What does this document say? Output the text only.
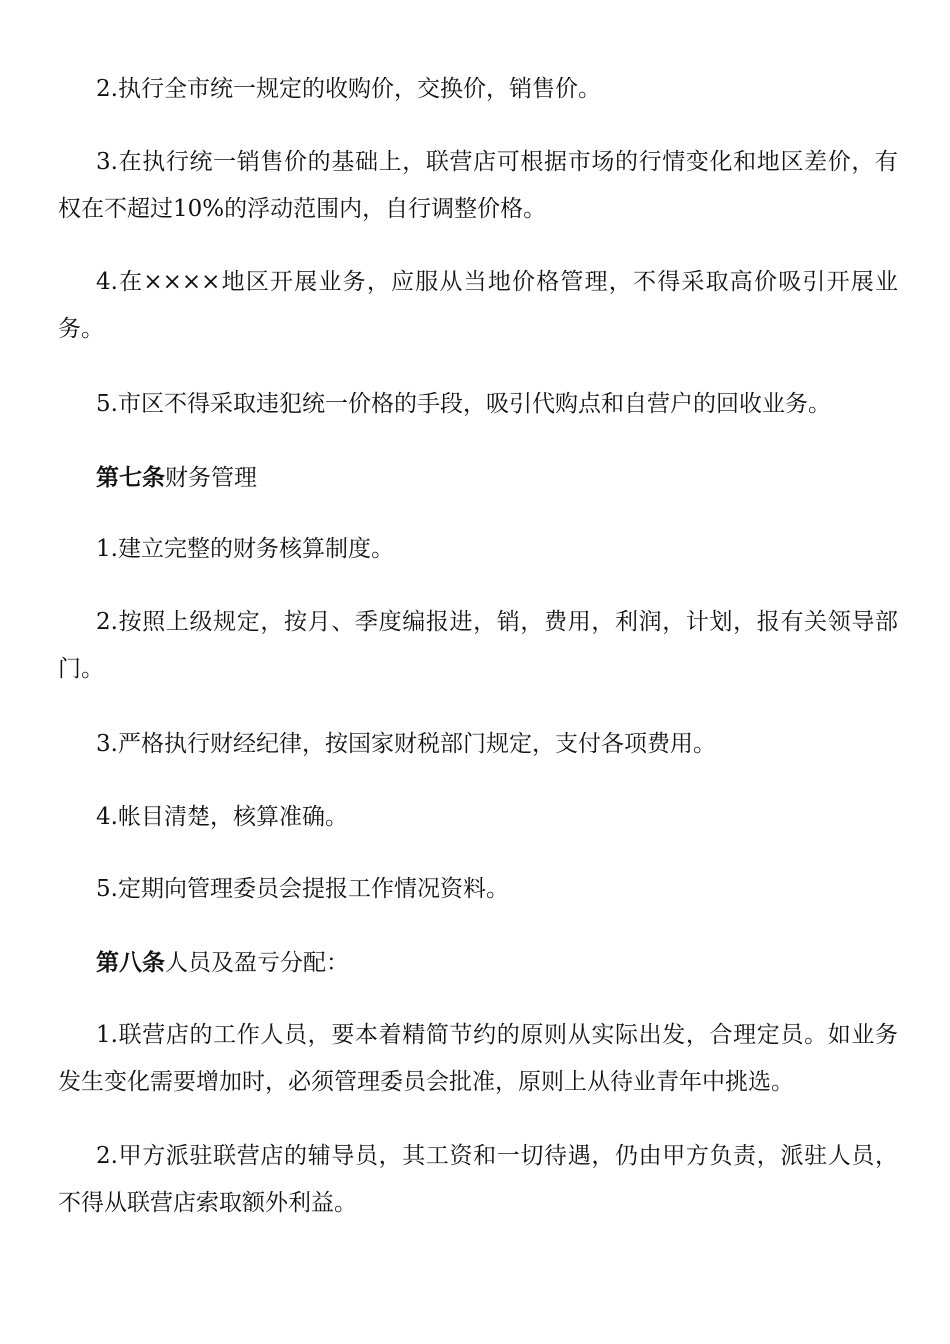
2.执行全市统一规定的收购价，交换价，销售价。

3.在执行统一销售价的基础上，联营店可根据市场的行情变化和地区差价，有权在不超过10%的浮动范围内，自行调整价格。

4.在××××地区开展业务，应服从当地价格管理，不得采取高价吸引开展业务。

5.市区不得采取违犯统一价格的手段，吸引代购点和自营户的回收业务。

第七条财务管理

1.建立完整的财务核算制度。

2.按照上级规定，按月、季度编报进，销，费用，利润，计划，报有关领导部门。

3.严格执行财经纪律，按国家财税部门规定，支付各项费用。

4.帐目清楚，核算准确。

5.定期向管理委员会提报工作情况资料。

第八条人员及盈亏分配：

1.联营店的工作人员，要本着精简节约的原则从实际出发，合理定员。如业务发生变化需要增加时，必须管理委员会批准，原则上从待业青年中挑选。

2.甲方派驻联营店的辅导员，其工资和一切待遇，仍由甲方负责，派驻人员，不得从联营店索取额外利益。
